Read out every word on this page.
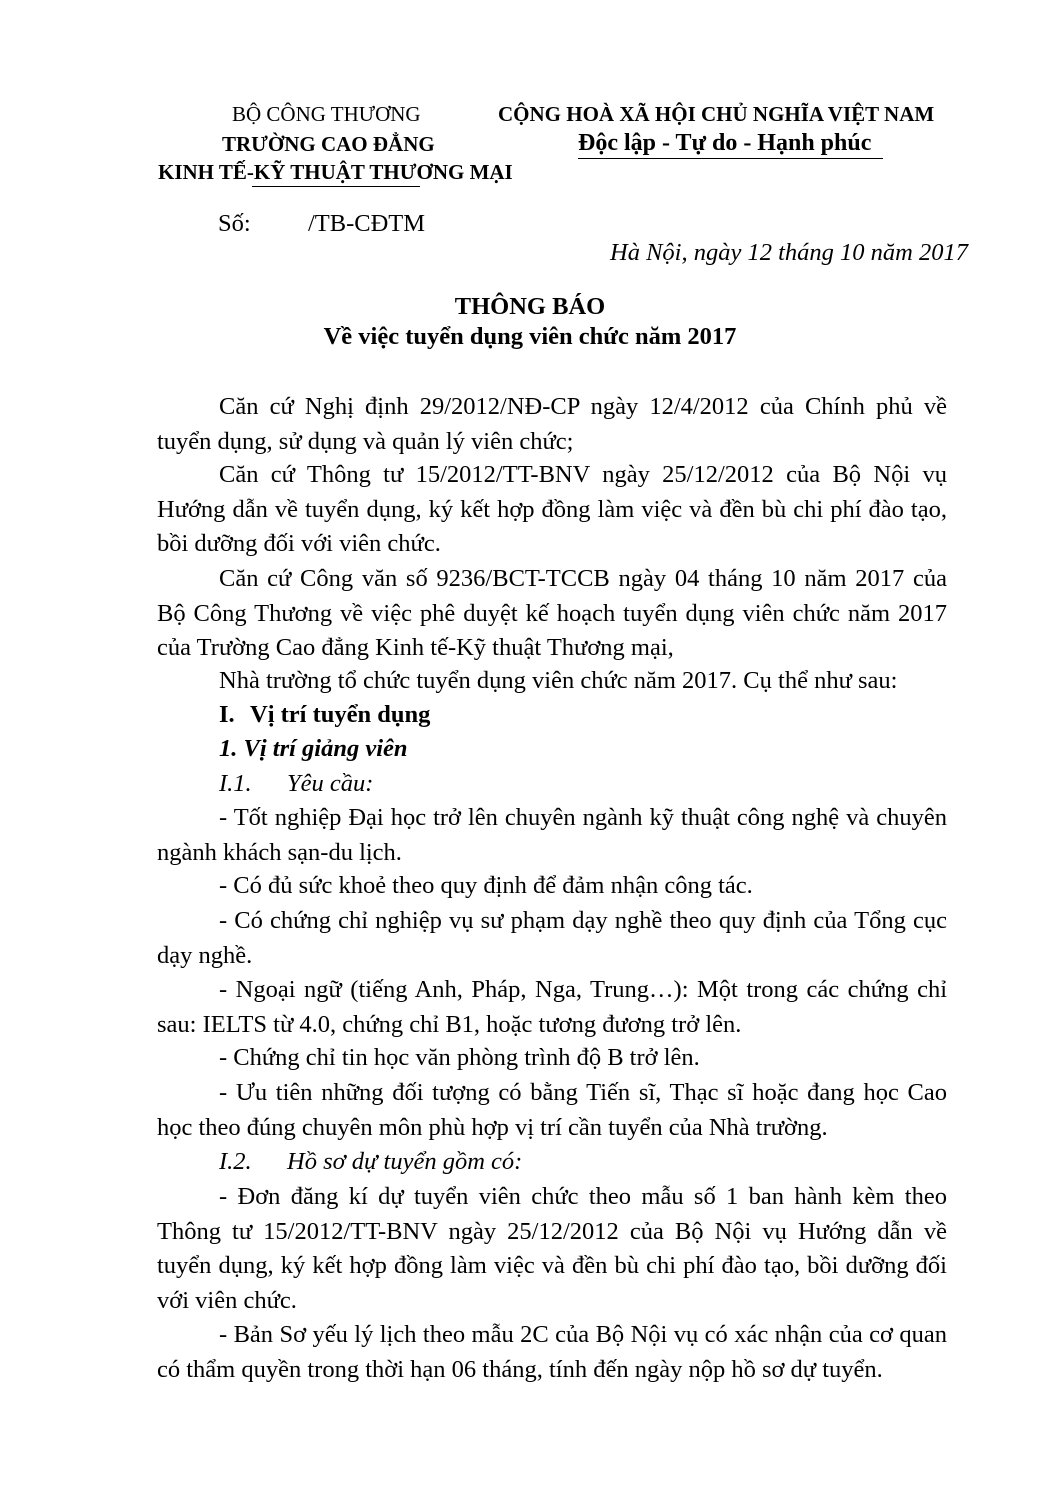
BỘ CÔNG THƯƠNG
TRƯỜNG CAO ĐẲNG
KINH TẾ-KỸ THUẬT THƯƠNG MẠI
CỘNG HOÀ XÃ HỘI CHỦ NGHĨA VIỆT NAM
Độc lập - Tự do - Hạnh phúc
Số: /TB-CĐTM
Hà Nội, ngày 12 tháng 10 năm 2017
THÔNG BÁO
Về việc tuyển dụng viên chức năm 2017
Căn cứ Nghị định 29/2012/NĐ-CP ngày 12/4/2012 của Chính phủ về tuyển dụng, sử dụng và quản lý viên chức;
Căn cứ Thông tư 15/2012/TT-BNV ngày 25/12/2012 của Bộ Nội vụ Hướng dẫn về tuyển dụng, ký kết hợp đồng làm việc và đền bù chi phí đào tạo, bồi dưỡng đối với viên chức.
Căn cứ Công văn số 9236/BCT-TCCB ngày 04 tháng 10 năm 2017 của Bộ Công Thương về việc phê duyệt kế hoạch tuyển dụng viên chức năm 2017 của Trường Cao đẳng Kinh tế-Kỹ thuật Thương mại,
Nhà trường tổ chức tuyển dụng viên chức năm 2017. Cụ thể như sau:
I. Vị trí tuyển dụng
1. Vị trí giảng viên
I.1. Yêu cầu:
- Tốt nghiệp Đại học trở lên chuyên ngành kỹ thuật công nghệ và chuyên ngành khách sạn-du lịch.
- Có đủ sức khoẻ theo quy định để đảm nhận công tác.
- Có chứng chỉ nghiệp vụ sư phạm dạy nghề theo quy định của Tổng cục dạy nghề.
- Ngoại ngữ (tiếng Anh, Pháp, Nga, Trung…): Một trong các chứng chỉ sau: IELTS từ 4.0, chứng chỉ B1, hoặc tương đương trở lên.
- Chứng chỉ tin học văn phòng trình độ B trở lên.
- Ưu tiên những đối tượng có bằng Tiến sĩ, Thạc sĩ hoặc đang học Cao học theo đúng chuyên môn phù hợp vị trí cần tuyển của Nhà trường.
I.2. Hồ sơ dự tuyển gồm có:
- Đơn đăng kí dự tuyển viên chức theo mẫu số 1 ban hành kèm theo Thông tư 15/2012/TT-BNV ngày 25/12/2012 của Bộ Nội vụ Hướng dẫn về tuyển dụng, ký kết hợp đồng làm việc và đền bù chi phí đào tạo, bồi dưỡng đối với viên chức.
- Bản Sơ yếu lý lịch theo mẫu 2C của Bộ Nội vụ có xác nhận của cơ quan có thẩm quyền trong thời hạn 06 tháng, tính đến ngày nộp hồ sơ dự tuyển.
